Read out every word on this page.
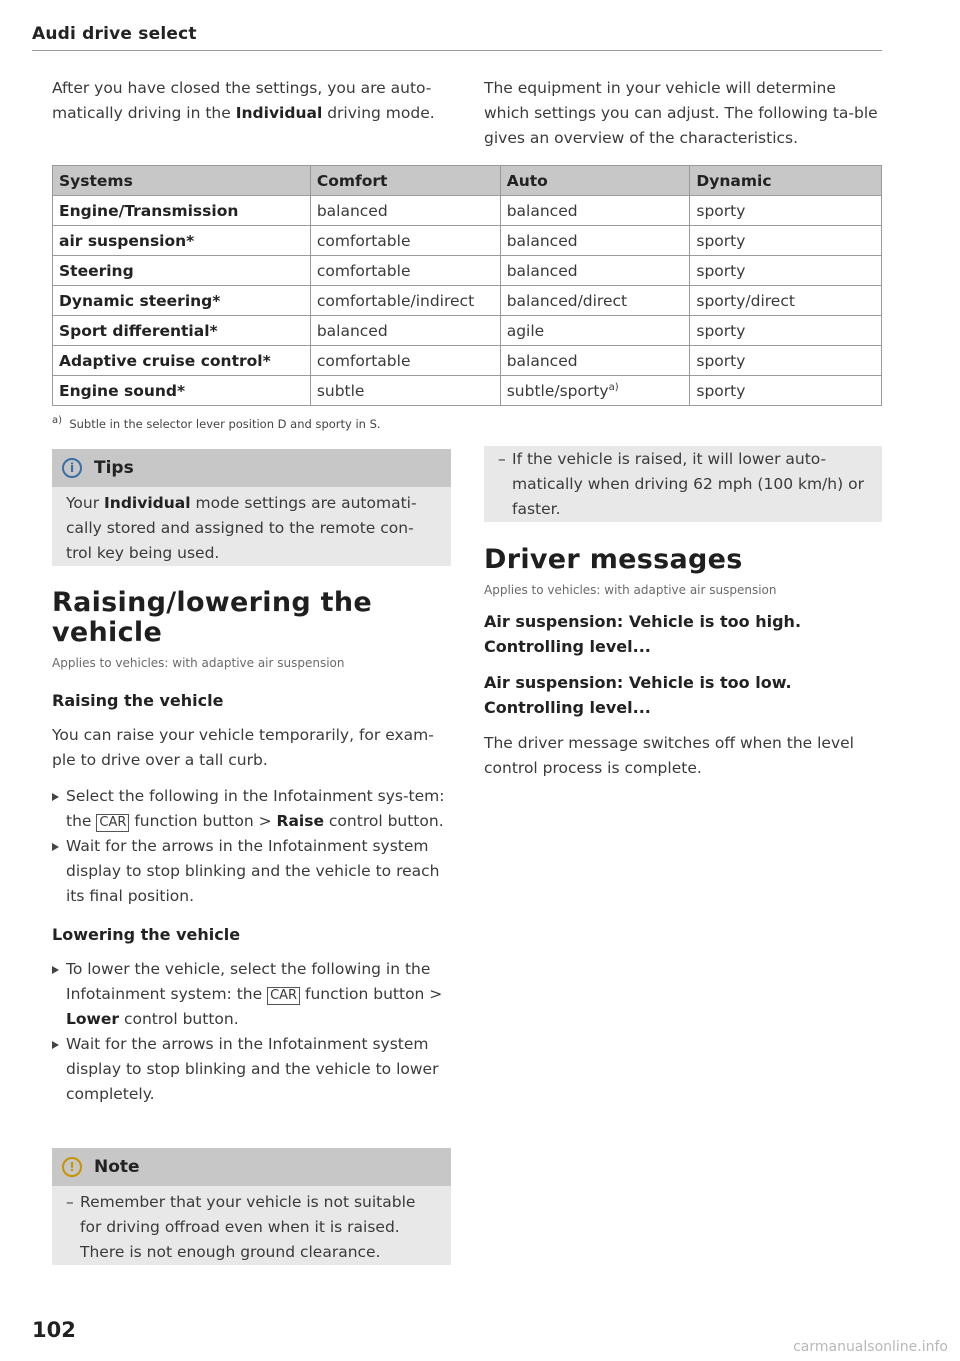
Audi drive select
After you have closed the settings, you are auto-matically driving in the Individual driving mode.
The equipment in your vehicle will determine which settings you can adjust. The following ta-ble gives an overview of the characteristics.
Systems	Comfort	Auto	Dynamic
Engine/Transmission	balanced	balanced	sporty
air suspension*	comfortable	balanced	sporty
Steering	comfortable	balanced	sporty
Dynamic steering*	comfortable/indirect	balanced/direct	sporty/direct
Sport differential*	balanced	agile	sporty
Adaptive cruise control*	comfortable	balanced	sporty
Engine sound*	subtle	subtle/sporty$^{a)}$	sporty
$^{a)}$ Subtle in the selector lever position D and sporty in S.
i	Tips
Your Individual mode settings are automati-cally stored and assigned to the remote con-trol key being used.
Raising/lowering the
vehicle
Applies to vehicles: with adaptive air suspension
Raising the vehicle
You can raise your vehicle temporarily, for exam-ple to drive over a tall curb.
Select the following in the Infotainment sys-tem: the CAR function button > Raise control button.
Wait for the arrows in the Infotainment system display to stop blinking and the vehicle to reach its final position.
Lowering the vehicle
To lower the vehicle, select the following in the Infotainment system: the CAR function button > Lower control button.
Wait for the arrows in the Infotainment system display to stop blinking and the vehicle to lower completely.
!	Note
– Remember that your vehicle is not suitable for driving offroad even when it is raised. There is not enough ground clearance.
– If the vehicle is raised, it will lower auto-matically when driving 62 mph (100 km/h) or faster.
Driver messages
Applies to vehicles: with adaptive air suspension
Air suspension: Vehicle is too high. Controlling level...
Air suspension: Vehicle is too low. Controlling level...
The driver message switches off when the level control process is complete.
102
carmanualsonline.info
